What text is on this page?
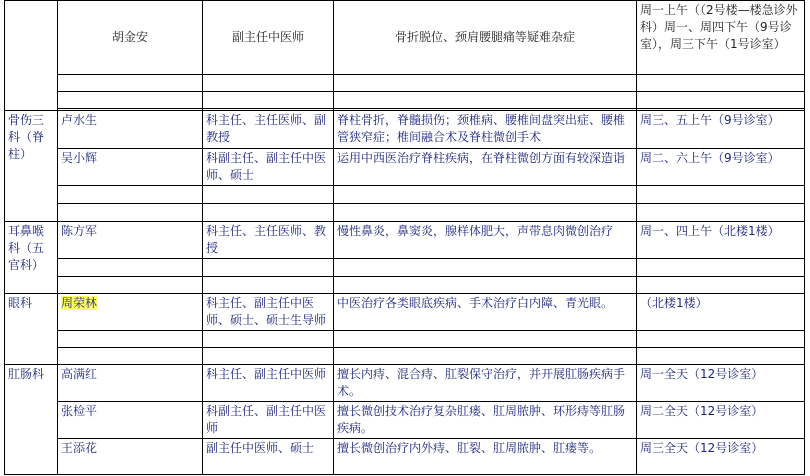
	胡金安	副主任中医师	骨折脱位、颈肩腰腿痛等疑难杂症	周一上午（（2号楼—楼急诊外科）周一、周四下午（9号诊室），周三下午（1号诊室）

骨伤三科（脊柱）	卢水生	科主任、主任医师、副教授	脊柱骨折，脊髓损伤；颈椎病、腰椎间盘突出症、腰椎管狭窄症；椎间融合术及脊柱微创手术	周三、五上午（9号诊室）
	吴小辉	科副主任、副主任中医师、硕士	运用中西医治疗脊柱疾病，在脊柱微创方面有较深造诣	周二、六上午（9号诊室）

耳鼻喉科（五官科）	陈方军	科主任、主任医师、教授	慢性鼻炎，鼻窦炎，腺样体肥大，声带息肉微创治疗	周一、四上午（北楼1楼）

眼科	周荣林	科主任、副主任中医师、硕士、硕士生导师	中医治疗各类眼底疾病、手术治疗白内障、青光眼。	（北楼1楼）

肛肠科	高满红	科主任、副主任中医师	擅长内痔、混合痔、肛裂保守治疗，并开展肛肠疾病手术。	周一全天（12号诊室）
	张检平	科副主任、副主任中医师	擅长微创技术治疗复杂肛瘘、肛周脓肿、环形痔等肛肠疾病。	周二全天（12号诊室）
	王添花	副主任中医师、硕士	擅长微创治疗内外痔、肛裂、肛周脓肿、肛瘘等。	周三全天（12号诊室）
